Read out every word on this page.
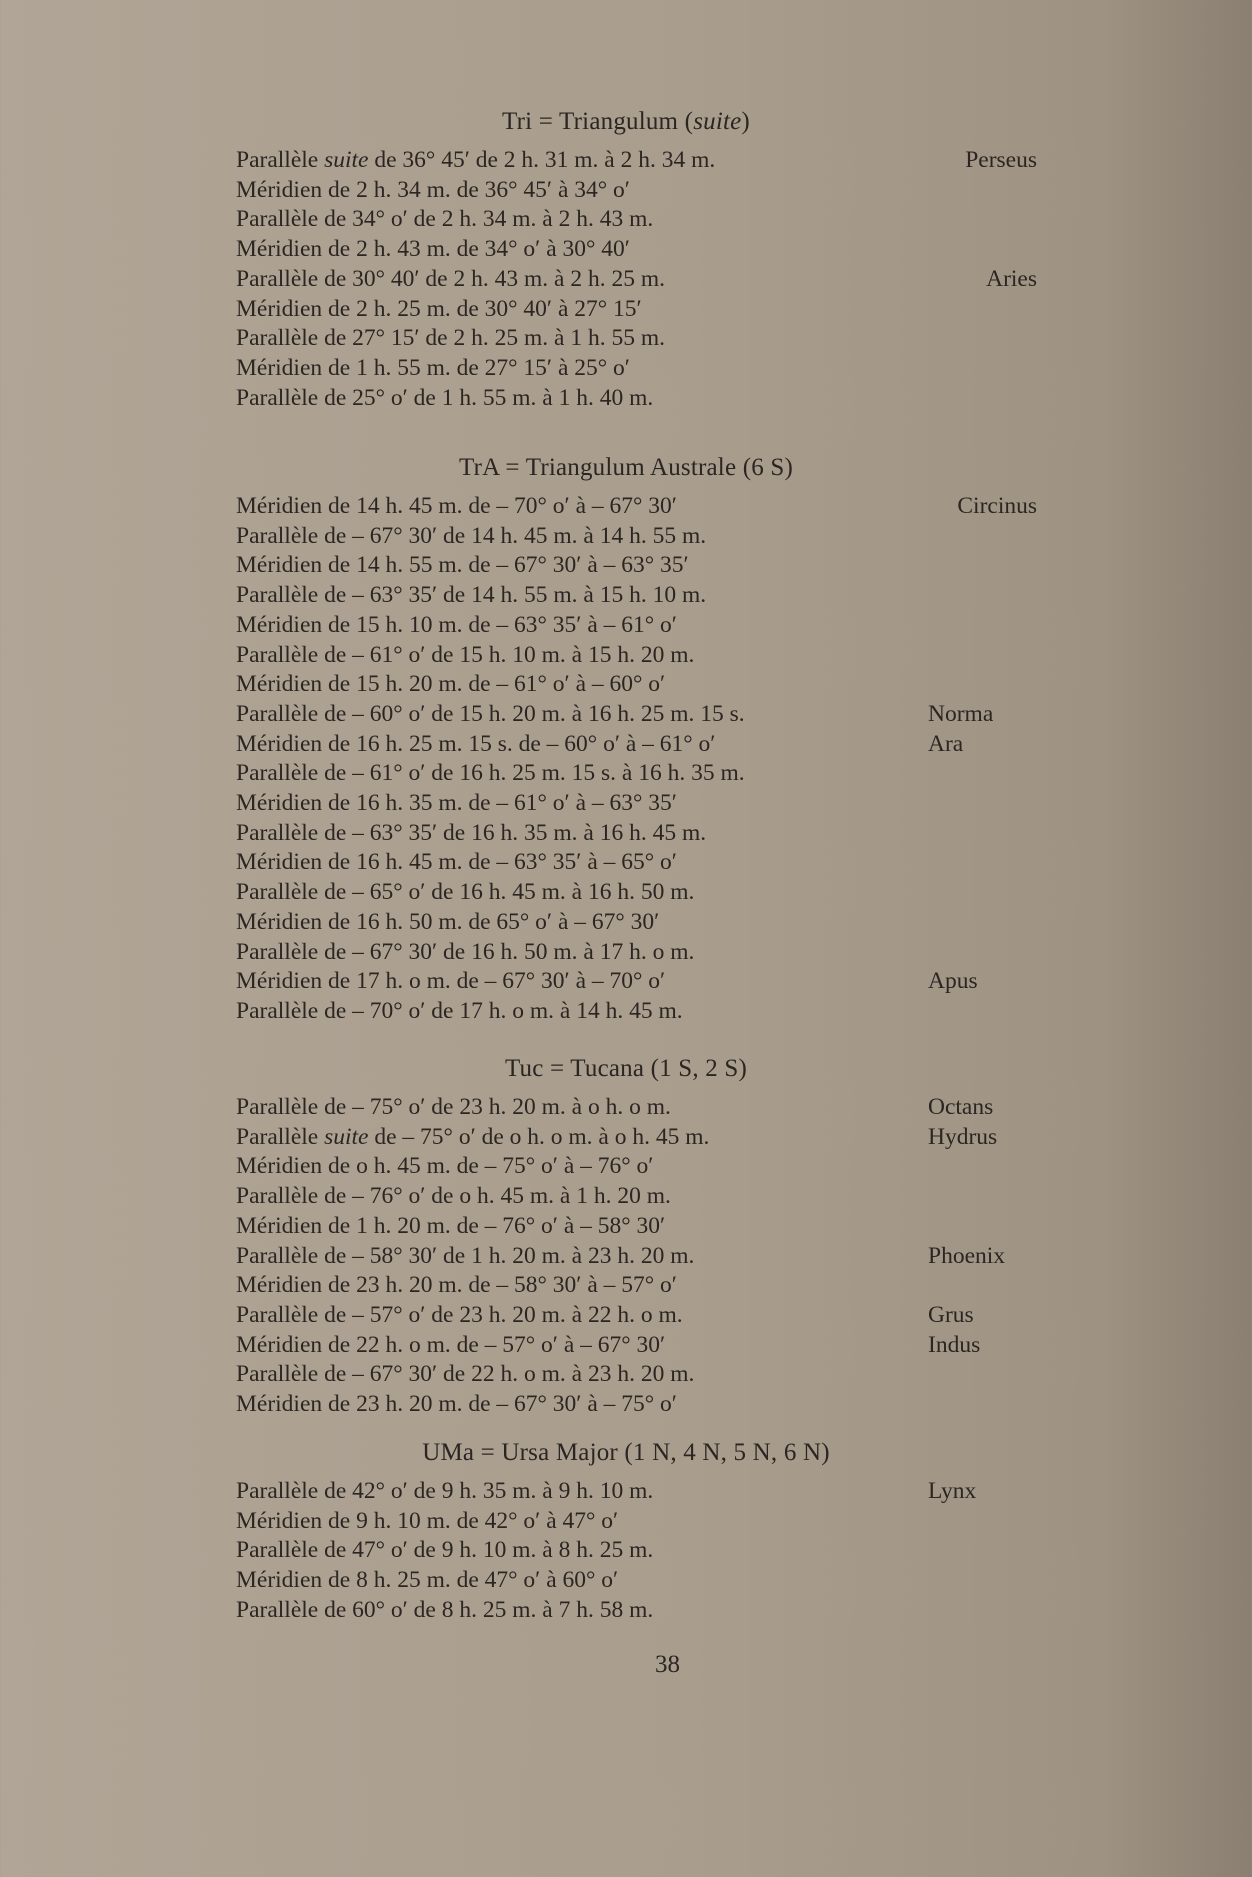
Tri = Triangulum (suite)
Parallèle suite de 36° 45′ de 2 h. 31 m. à 2 h. 34 m.	Perseus
Méridien de 2 h. 34 m. de 36° 45′ à 34° o′
Parallèle de 34° o′ de 2 h. 34 m. à 2 h. 43 m.
Méridien de 2 h. 43 m. de 34° o′ à 30° 40′
Parallèle de 30° 40′ de 2 h. 43 m. à 2 h. 25 m.	Aries
Méridien de 2 h. 25 m. de 30° 40′ à 27° 15′
Parallèle de 27° 15′ de 2 h. 25 m. à 1 h. 55 m.
Méridien de 1 h. 55 m. de 27° 15′ à 25° o′
Parallèle de 25° o′ de 1 h. 55 m. à 1 h. 40 m.
TrA = Triangulum Australe (6 S)
Méridien de 14 h. 45 m. de – 70° o′ à – 67° 30′	Circinus
Parallèle de – 67° 30′ de 14 h. 45 m. à 14 h. 55 m.
Méridien de 14 h. 55 m. de – 67° 30′ à – 63° 35′
Parallèle de – 63° 35′ de 14 h. 55 m. à 15 h. 10 m.
Méridien de 15 h. 10 m. de – 63° 35′ à – 61° o′
Parallèle de – 61° o′ de 15 h. 10 m. à 15 h. 20 m.
Méridien de 15 h. 20 m. de – 61° o′ à – 60° o′
Parallèle de – 60° o′ de 15 h. 20 m. à 16 h. 25 m. 15 s.	Norma
Méridien de 16 h. 25 m. 15 s. de – 60° o′ à – 61° o′	Ara
Parallèle de – 61° o′ de 16 h. 25 m. 15 s. à 16 h. 35 m.
Méridien de 16 h. 35 m. de – 61° o′ à – 63° 35′
Parallèle de – 63° 35′ de 16 h. 35 m. à 16 h. 45 m.
Méridien de 16 h. 45 m. de – 63° 35′ à – 65° o′
Parallèle de – 65° o′ de 16 h. 45 m. à 16 h. 50 m.
Méridien de 16 h. 50 m. de 65° o′ à – 67° 30′
Parallèle de – 67° 30′ de 16 h. 50 m. à 17 h. o m.
Méridien de 17 h. o m. de – 67° 30′ à – 70° o′	Apus
Parallèle de – 70° o′ de 17 h. o m. à 14 h. 45 m.
Tuc = Tucana (1 S, 2 S)
Parallèle de – 75° o′ de 23 h. 20 m. à o h. o m.	Octans
Parallèle suite de – 75° o′ de o h. o m. à o h. 45 m.	Hydrus
Méridien de o h. 45 m. de – 75° o′ à – 76° o′
Parallèle de – 76° o′ de o h. 45 m. à 1 h. 20 m.
Méridien de 1 h. 20 m. de – 76° o′ à – 58° 30′
Parallèle de – 58° 30′ de 1 h. 20 m. à 23 h. 20 m.	Phoenix
Méridien de 23 h. 20 m. de – 58° 30′ à – 57° o′
Parallèle de – 57° o′ de 23 h. 20 m. à 22 h. o m.	Grus
Méridien de 22 h. o m. de – 57° o′ à – 67° 30′	Indus
Parallèle de – 67° 30′ de 22 h. o m. à 23 h. 20 m.
Méridien de 23 h. 20 m. de – 67° 30′ à – 75° o′
UMa = Ursa Major (1 N, 4 N, 5 N, 6 N)
Parallèle de 42° o′ de 9 h. 35 m. à 9 h. 10 m.	Lynx
Méridien de 9 h. 10 m. de 42° o′ à 47° o′
Parallèle de 47° o′ de 9 h. 10 m. à 8 h. 25 m.
Méridien de 8 h. 25 m. de 47° o′ à 60° o′
Parallèle de 60° o′ de 8 h. 25 m. à 7 h. 58 m.
38
